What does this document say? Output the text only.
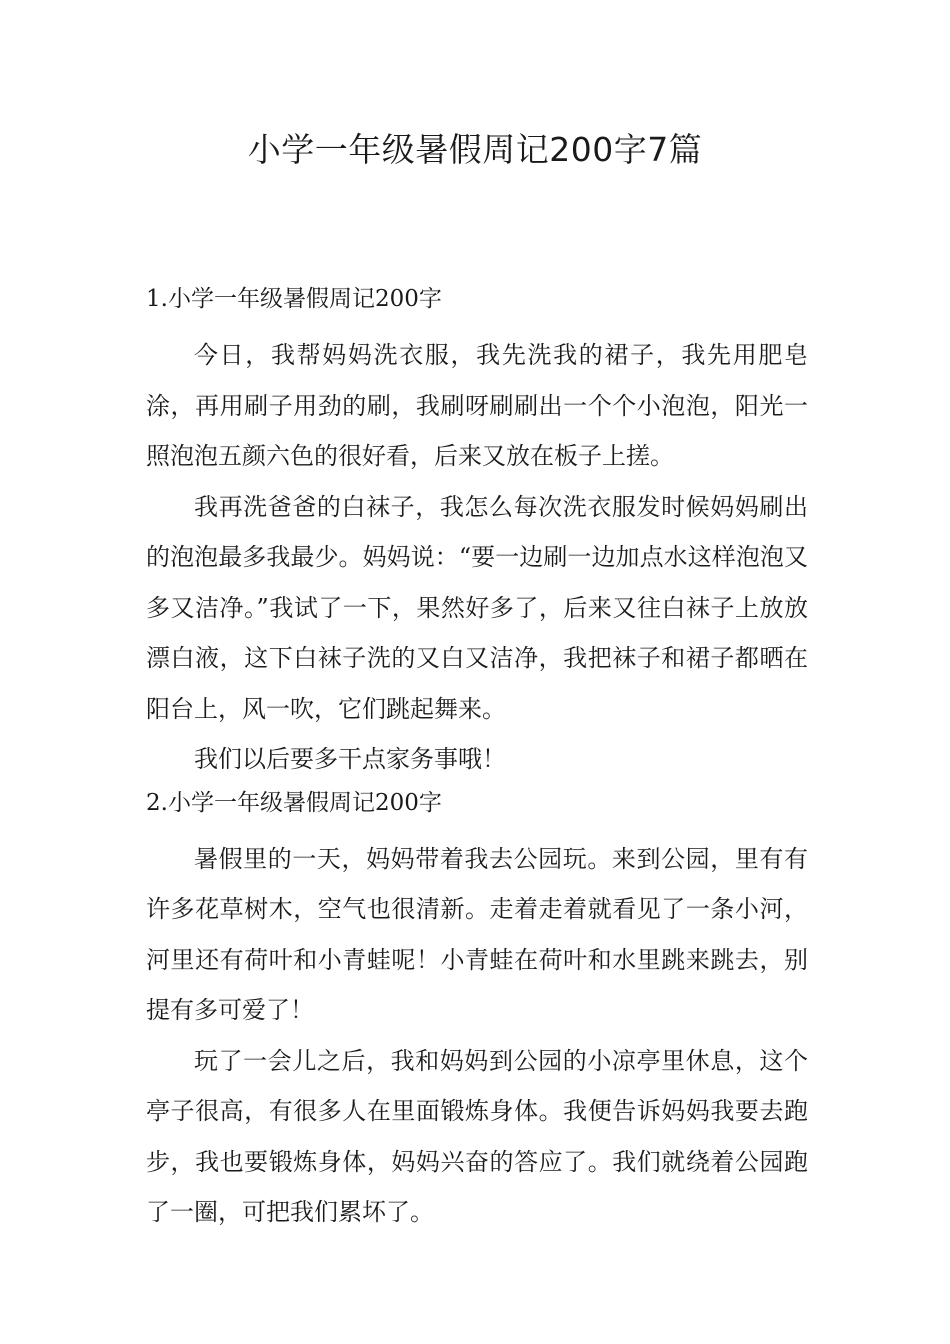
小学一年级暑假周记200字7篇
1.小学一年级暑假周记200字

今日，我帮妈妈洗衣服，我先洗我的裙子，我先用肥皂涂，再用刷子用劲的刷，我刷呀刷刷出一个个小泡泡，阳光一照泡泡五颜六色的很好看，后来又放在板子上搓。

我再洗爸爸的白袜子，我怎么每次洗衣服发时候妈妈刷出的泡泡最多我最少。妈妈说：“要一边刷一边加点水这样泡泡又多又洁净。”我试了一下，果然好多了，后来又往白袜子上放放漂白液，这下白袜子洗的又白又洁净，我把袜子和裙子都晒在阳台上，风一吹，它们跳起舞来。

我们以后要多干点家务事哦！

2.小学一年级暑假周记200字

暑假里的一天，妈妈带着我去公园玩。来到公园，里有有许多花草树木，空气也很清新。走着走着就看见了一条小河，河里还有荷叶和小青蛙呢！小青蛙在荷叶和水里跳来跳去，别提有多可爱了！

玩了一会儿之后，我和妈妈到公园的小凉亭里休息，这个亭子很高，有很多人在里面锻炼身体。我便告诉妈妈我要去跑步，我也要锻炼身体，妈妈兴奋的答应了。我们就绕着公园跑了一圈，可把我们累坏了。
